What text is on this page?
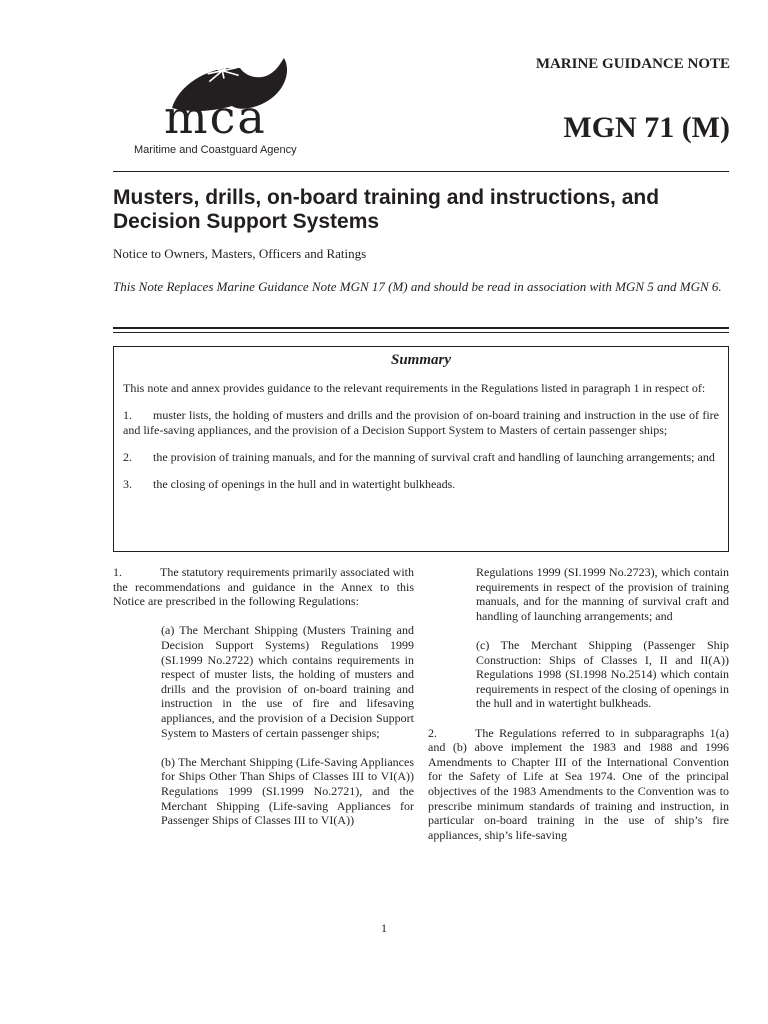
mca
Maritime and Coastguard Agency
MARINE GUIDANCE NOTE
MGN 71 (M)
Musters, drills, on-board training and instructions, and Decision Support Systems
Notice to Owners, Masters, Officers and Ratings
This Note Replaces Marine Guidance Note MGN 17 (M) and should be read in association with MGN 5 and MGN 6.
Summary

This note and annex provides guidance to the relevant requirements in the Regulations listed in paragraph 1 in respect of:

1. muster lists, the holding of musters and drills and the provision of on-board training and instruction in the use of fire and life-saving appliances, and the provision of a Decision Support System to Masters of certain passenger ships;

2. the provision of training manuals, and for the manning of survival craft and handling of launching arrangements; and

3. the closing of openings in the hull and in watertight bulkheads.

1.	The statutory requirements primarily associated with the recommendations and guidance in the Annex to this Notice are prescribed in the following Regulations:

(a) The Merchant Shipping (Musters Training and Decision Support Systems) Regulations 1999 (SI.1999 No.2722) which contains requirements in respect of muster lists, the holding of musters and drills and the provision of on-board training and instruction in the use of fire and lifesaving appliances, and the provision of a Decision Support System to Masters of certain passenger ships;

(b) The Merchant Shipping (Life-Saving Appliances for Ships Other Than Ships of Classes III to VI(A)) Regulations 1999 (SI.1999 No.2721), and the Merchant Shipping (Life-saving Appliances for Passenger Ships of Classes III to VI(A))

Regulations 1999 (SI.1999 No.2723), which contain requirements in respect of the provision of training manuals, and for the manning of survival craft and handling of launching arrangements; and

(c) The Merchant Shipping (Passenger Ship Construction: Ships of Classes I, II and II(A)) Regulations 1998 (SI.1998 No.2514) which contain requirements in respect of the closing of openings in the hull and in watertight bulkheads.

2.	The Regulations referred to in subparagraphs 1(a) and (b) above implement the 1983 and 1988 and 1996 Amendments to Chapter III of the International Convention for the Safety of Life at Sea 1974. One of the principal objectives of the 1983 Amendments to the Convention was to prescribe minimum standards of training and instruction, in particular on-board training in the use of ship’s fire appliances, ship’s life-saving

1
